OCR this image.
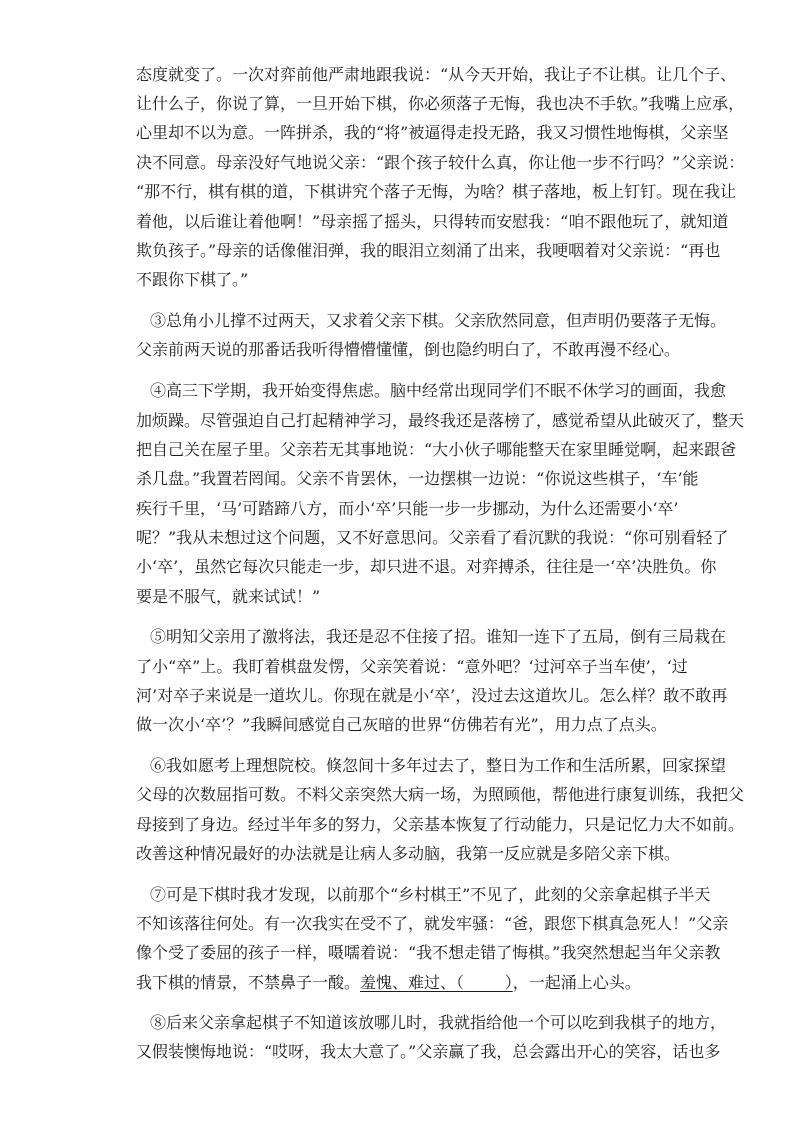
态度就变了。一次对弈前他严肃地跟我说：“从今天开始，我让子不让棋。让几个子、
让什么子，你说了算，一旦开始下棋，你必须落子无悔，我也决不手软。”我嘴上应承，
心里却不以为意。一阵拼杀，我的“将”被逼得走投无路，我又习惯性地悔棋，父亲坚
决不同意。母亲没好气地说父亲：“跟个孩子较什么真，你让他一步不行吗？”父亲说：
“那不行，棋有棋的道，下棋讲究个落子无悔，为啥？棋子落地，板上钉钉。现在我让
着他，以后谁让着他啊！”母亲摇了摇头，只得转而安慰我：“咱不跟他玩了，就知道
欺负孩子。”母亲的话像催泪弹，我的眼泪立刻涌了出来，我哽咽着对父亲说：“再也
不跟你下棋了。”
③总角小儿撑不过两天，又求着父亲下棋。父亲欣然同意，但声明仍要落子无悔。
父亲前两天说的那番话我听得懵懵懂懂，倒也隐约明白了，不敢再漫不经心。
④高三下学期，我开始变得焦虑。脑中经常出现同学们不眠不休学习的画面，我愈
加烦躁。尽管强迫自己打起精神学习，最终我还是落榜了，感觉希望从此破灭了，整天
把自己关在屋子里。父亲若无其事地说：“大小伙子哪能整天在家里睡觉啊，起来跟爸
杀几盘。”我置若罔闻。父亲不肯罢休，一边摆棋一边说：“你说这些棋子，‘车’能
疾行千里，‘马’可踏蹄八方，而小‘卒’只能一步一步挪动，为什么还需要小‘卒’
呢？”我从未想过这个问题，又不好意思问。父亲看了看沉默的我说：“你可别看轻了
小‘卒’，虽然它每次只能走一步，却只进不退。对弈搏杀，往往是一‘卒’决胜负。你
要是不服气，就来试试！”
⑤明知父亲用了激将法，我还是忍不住接了招。谁知一连下了五局，倒有三局栽在
了小“卒”上。我盯着棋盘发愣，父亲笑着说：“意外吧？‘过河卒子当车使’，‘过
河’对卒子来说是一道坎儿。你现在就是小‘卒’，没过去这道坎儿。怎么样？敢不敢再
做一次小‘卒’？”我瞬间感觉自己灰暗的世界“仿佛若有光”，用力点了点头。
⑥我如愿考上理想院校。倏忽间十多年过去了，整日为工作和生活所累，回家探望
父母的次数屈指可数。不料父亲突然大病一场，为照顾他，帮他进行康复训练，我把父
母接到了身边。经过半年多的努力，父亲基本恢复了行动能力，只是记忆力大不如前。
改善这种情况最好的办法就是让病人多动脑，我第一反应就是多陪父亲下棋。
⑦可是下棋时我才发现，以前那个“乡村棋王”不见了，此刻的父亲拿起棋子半天
不知该落往何处。有一次我实在受不了，就发牢骚：“爸，跟您下棋真急死人！”父亲
像个受了委屈的孩子一样，嗫嚅着说：“我不想走错了悔棋。”我突然想起当年父亲教
我下棋的情景，不禁鼻子一酸。羞愧、难过、（        ），一起涌上心头。
⑧后来父亲拿起棋子不知道该放哪儿时，我就指给他一个可以吃到我棋子的地方，
又假装懊悔地说：“哎呀，我太大意了。”父亲赢了我，总会露出开心的笑容，话也多
